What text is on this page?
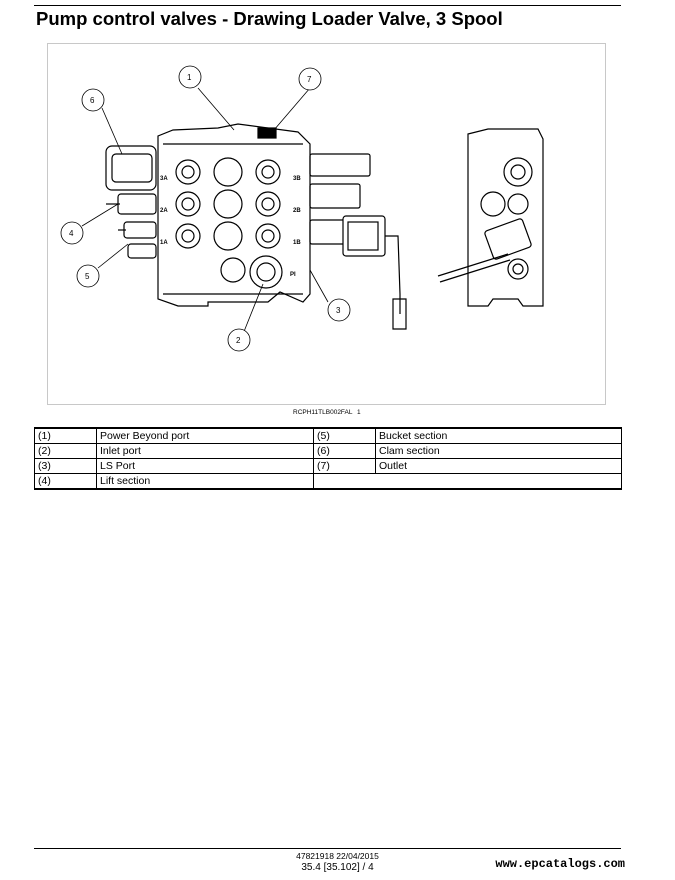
Pump control valves - Drawing Loader Valve, 3 Spool
3A	3B
2A	2B
1A	1B
PI
1	7
6
4
5
3
2
RCPH11TLB002FAL 1
(1)	Power Beyond port	(5)	Bucket section
(2)	Inlet port	(6)	Clam section
(3)	LS Port	(7)	Outlet
(4)	Lift section		
47821918 22/04/2015
35.4 [35.102] / 4	www.epcatalogs.com
